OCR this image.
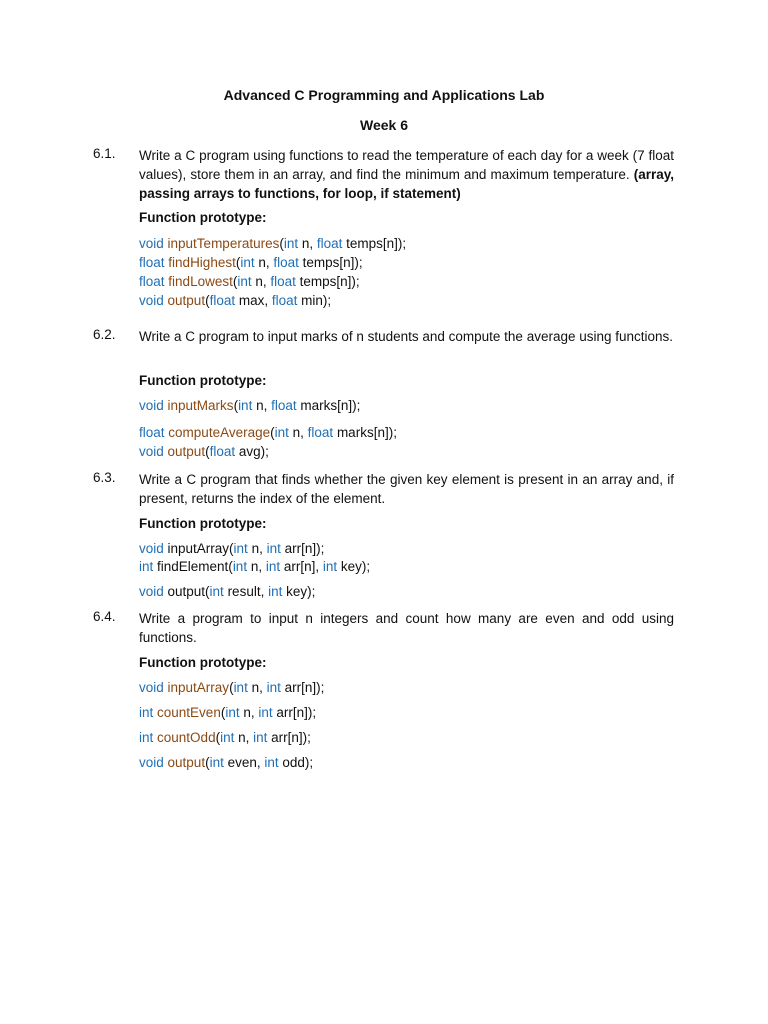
Advanced C Programming and Applications Lab
Week 6
6.1. Write a C program using functions to read the temperature of each day for a week (7 float values), store them in an array, and find the minimum and maximum temperature. (array, passing arrays to functions, for loop, if statement)
Function prototype:
void inputTemperatures(int n, float temps[n]);
float findHighest(int n, float temps[n]);
float findLowest(int n, float temps[n]);
void output(float max, float min);
6.2. Write a C program to input marks of n students and compute the average using functions.
Function prototype:
void inputMarks(int n, float marks[n]);
float computeAverage(int n, float marks[n]);
void output(float avg);
6.3. Write a C program that finds whether the given key element is present in an array and, if present, returns the index of the element.
Function prototype:
void inputArray(int n, int arr[n]);
int findElement(int n, int arr[n], int key);
void output(int result, int key);
6.4. Write a program to input n integers and count how many are even and odd using functions.
Function prototype:
void inputArray(int n, int arr[n]);
int countEven(int n, int arr[n]);
int countOdd(int n, int arr[n]);
void output(int even, int odd);
